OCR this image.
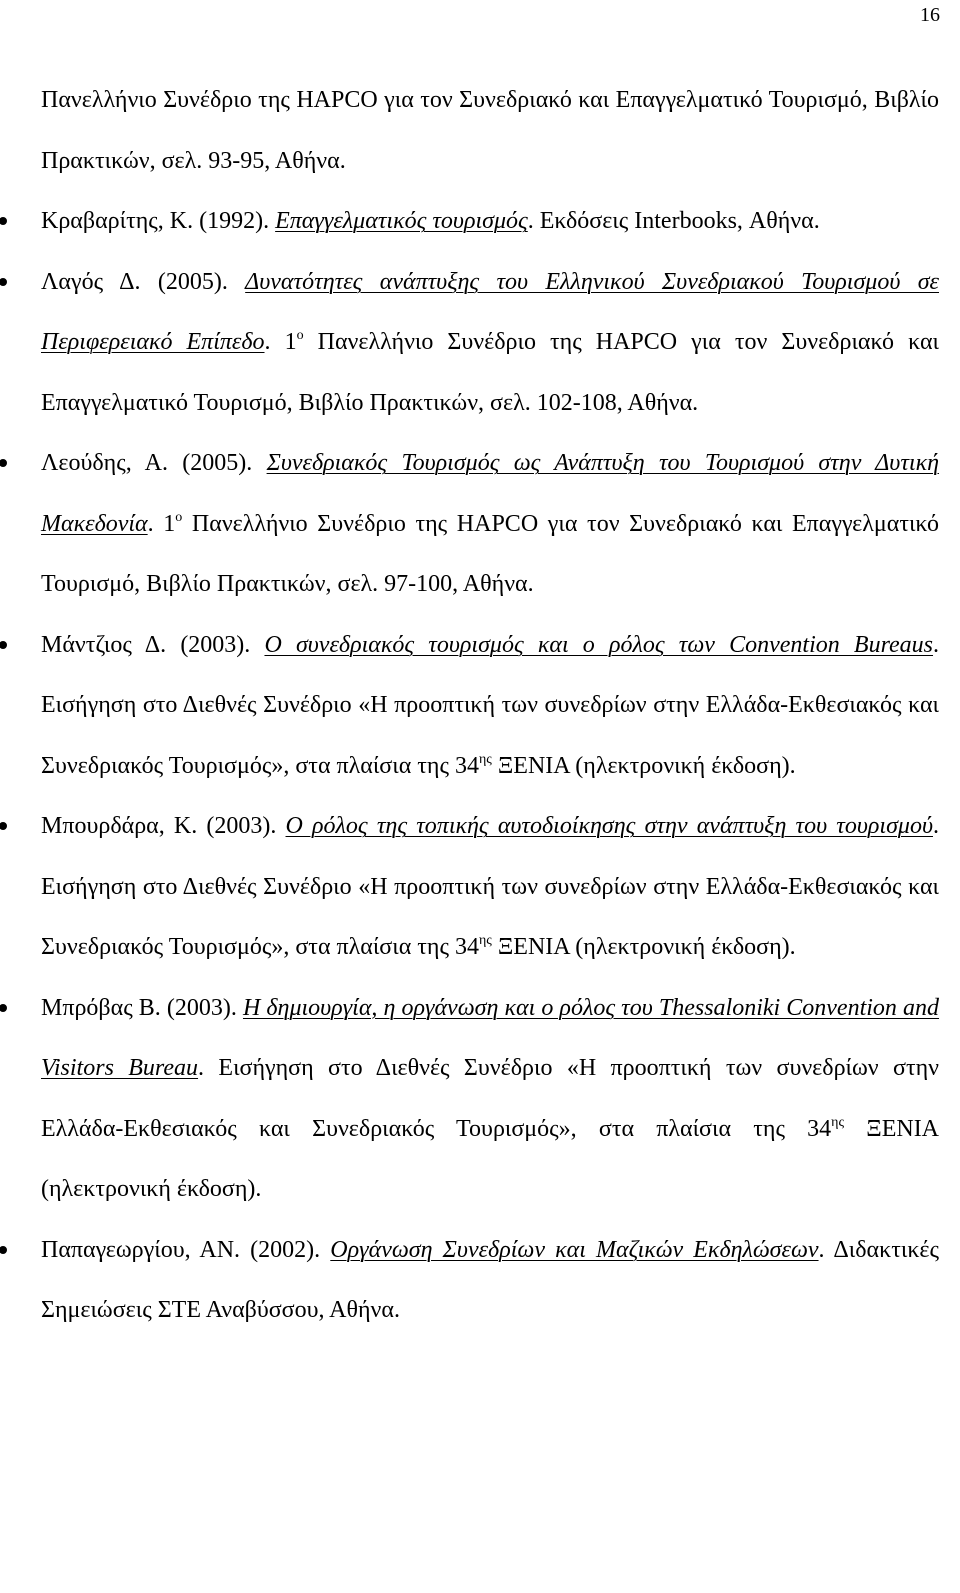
16
Πανελλήνιο Συνέδριο της HAPCO για τον Συνεδριακό και Επαγγελματικό Τουρισμό, Βιβλίο Πρακτικών, σελ. 93-95, Αθήνα.
Κραβαρίτης, Κ. (1992). Επαγγελματικός τουρισμός. Εκδόσεις Interbooks, Αθήνα.
Λαγός Δ. (2005). Δυνατότητες ανάπτυξης του Ελληνικού Συνεδριακού Τουρισμού σε Περιφερειακό Επίπεδο. $1^o$ Πανελλήνιο Συνέδριο της HAPCO για τον Συνεδριακό και Επαγγελματικό Τουρισμό, Βιβλίο Πρακτικών, σελ. 102-108, Αθήνα.
Λεούδης, Α. (2005). Συνεδριακός Τουρισμός ως Ανάπτυξη του Τουρισμού στην Δυτική Μακεδονία. $1^o$ Πανελλήνιο Συνέδριο της HAPCO για τον Συνεδριακό και Επαγγελματικό Τουρισμό, Βιβλίο Πρακτικών, σελ. 97-100, Αθήνα.
Μάντζιος Δ. (2003). Ο συνεδριακός τουρισμός και ο ρόλος των Convention Bureaus. Εισήγηση στο Διεθνές Συνέδριο «Η προοπτική των συνεδρίων στην Ελλάδα-Εκθεσιακός και Συνεδριακός Τουρισμός», στα πλαίσια της $34^{\eta\varsigma}$ ΞΕΝΙΑ (ηλεκτρονική έκδοση).
Μπουρδάρα, Κ. (2003). Ο ρόλος της τοπικής αυτοδιοίκησης στην ανάπτυξη του τουρισμού. Εισήγηση στο Διεθνές Συνέδριο «Η προοπτική των συνεδρίων στην Ελλάδα-Εκθεσιακός και Συνεδριακός Τουρισμός», στα πλαίσια της $34^{\eta\varsigma}$ ΞΕΝΙΑ (ηλεκτρονική έκδοση).
Μπρόβας Β. (2003). Η δημιουργία, η οργάνωση και ο ρόλος του Thessaloniki Convention and Visitors Bureau. Εισήγηση στο Διεθνές Συνέδριο «Η προοπτική των συνεδρίων στην Ελλάδα-Εκθεσιακός και Συνεδριακός Τουρισμός», στα πλαίσια της $34^{\eta\varsigma}$ ΞΕΝΙΑ (ηλεκτρονική έκδοση).
Παπαγεωργίου, ΑΝ. (2002). Οργάνωση Συνεδρίων και Μαζικών Εκδηλώσεων. Διδακτικές Σημειώσεις ΣΤΕ Αναβύσσου, Αθήνα.
